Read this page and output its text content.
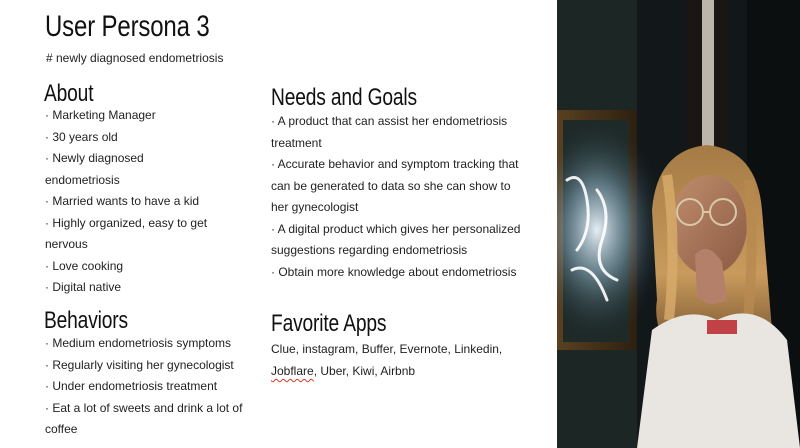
User Persona 3

# newly diagnosed endometriosis

About
· Marketing Manager
· 30 years old
· Newly diagnosed endometriosis
· Married wants to have a kid
· Highly organized, easy to get nervous
· Love cooking
· Digital native
Behaviors
· Medium endometriosis symptoms
· Regularly visiting her gynecologist
· Under endometriosis treatment
· Eat a lot of sweets and drink a lot of coffee
Needs and Goals
· A product that can assist her endometriosis treatment
· Accurate behavior and symptom tracking that can be generated to data so she can show to her gynecologist
· A digital product which gives her personalized suggestions regarding endometriosis
· Obtain more knowledge about endometriosis
Favorite Apps

Clue, instagram, Buffer, Evernote, Linkedin, Jobflare, Uber, Kiwi, Airbnb
